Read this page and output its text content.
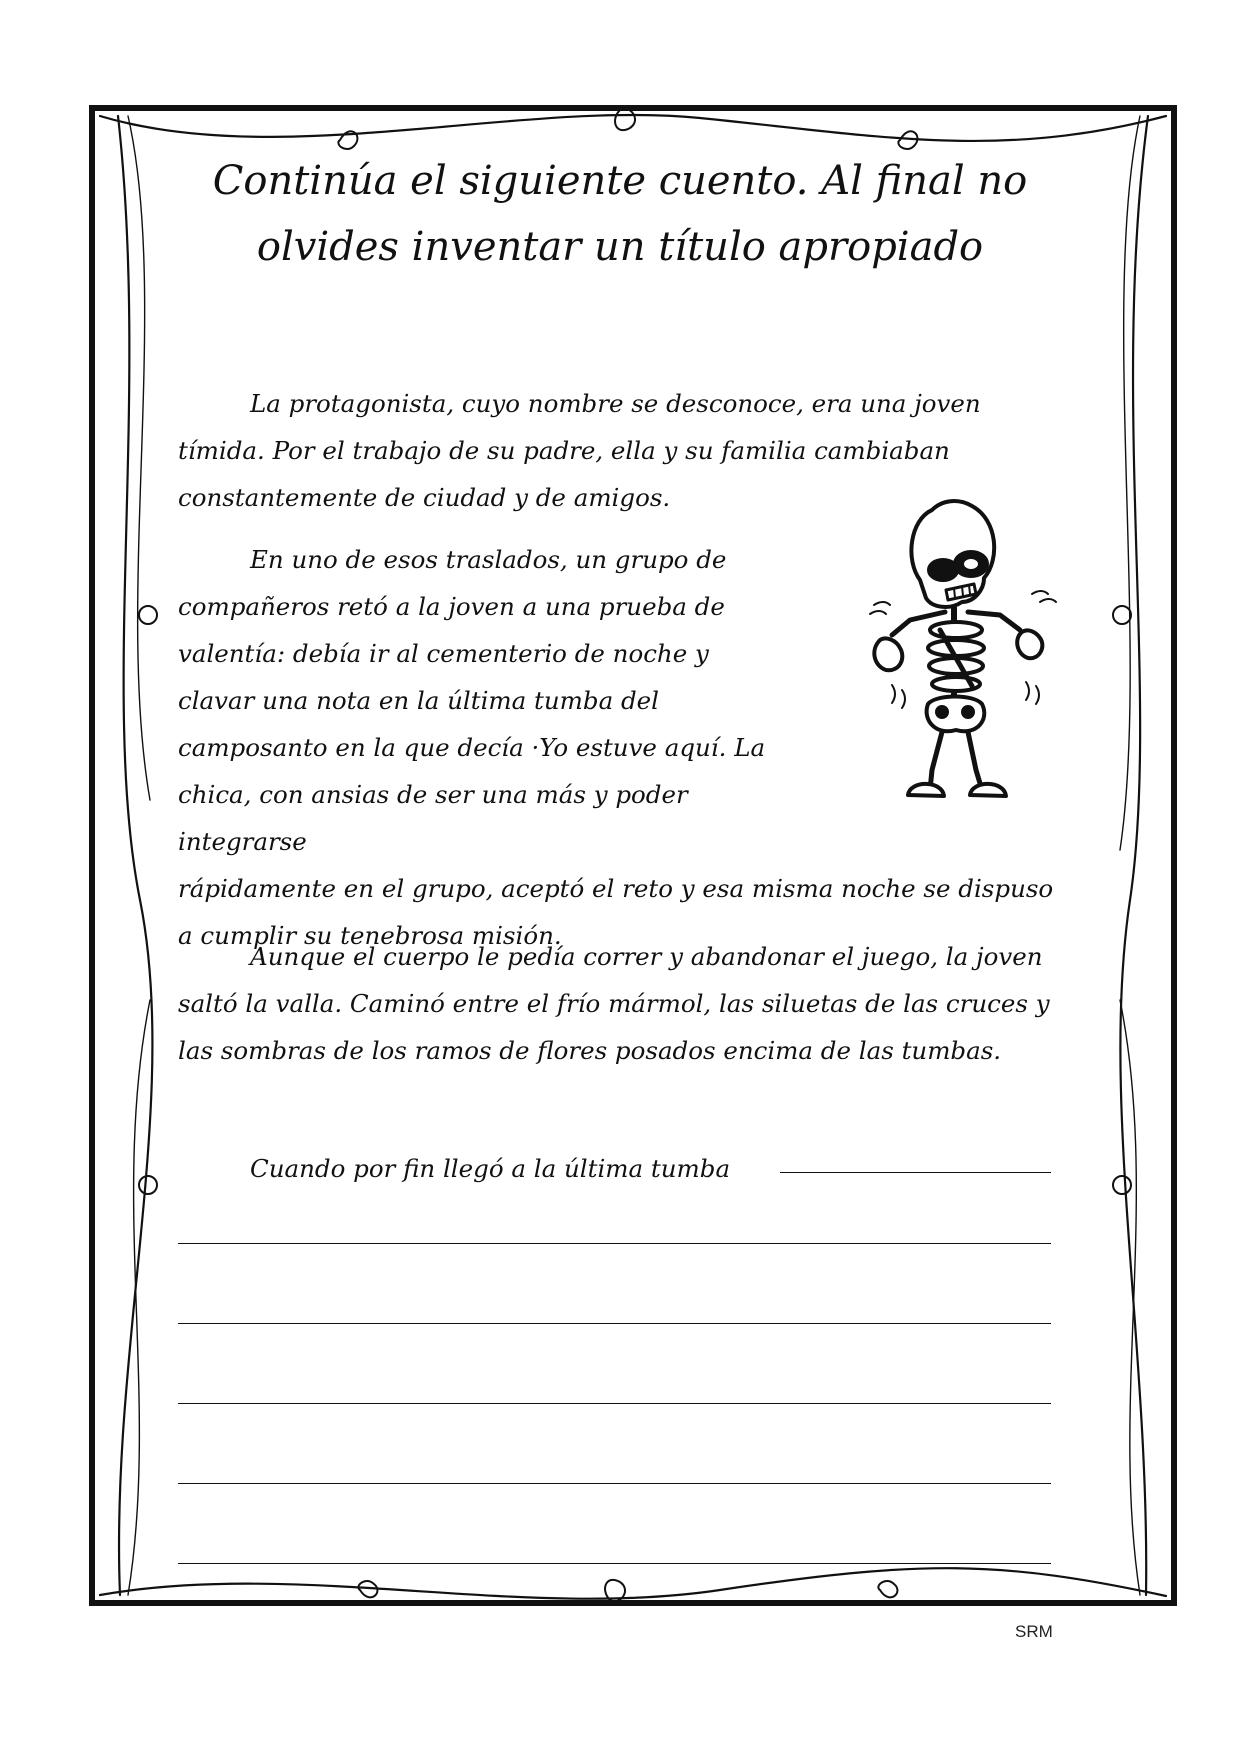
Continúa el siguiente cuento. Al final no olvides inventar un título apropiado

La protagonista, cuyo nombre se desconoce, era una joven tímida. Por el trabajo de su padre, ella y su familia cambiaban constantemente de ciudad y de amigos.

En uno de esos traslados, un grupo de compañeros retó a la joven a una prueba de valentía: debía ir al cementerio de noche y clavar una nota en la última tumba del camposanto en la que decía ·Yo estuve aquí. La chica, con ansias de ser una más y poder integrarse

rápidamente en el grupo, aceptó el reto y esa misma noche se dispuso a cumplir su tenebrosa misión.

Aunque el cuerpo le pedía correr y abandonar el juego, la joven saltó la valla. Caminó entre el frío mármol, las siluetas de las cruces y las sombras de los ramos de flores posados encima de las tumbas.

Cuando por fin llegó a la última tumba

SRM
